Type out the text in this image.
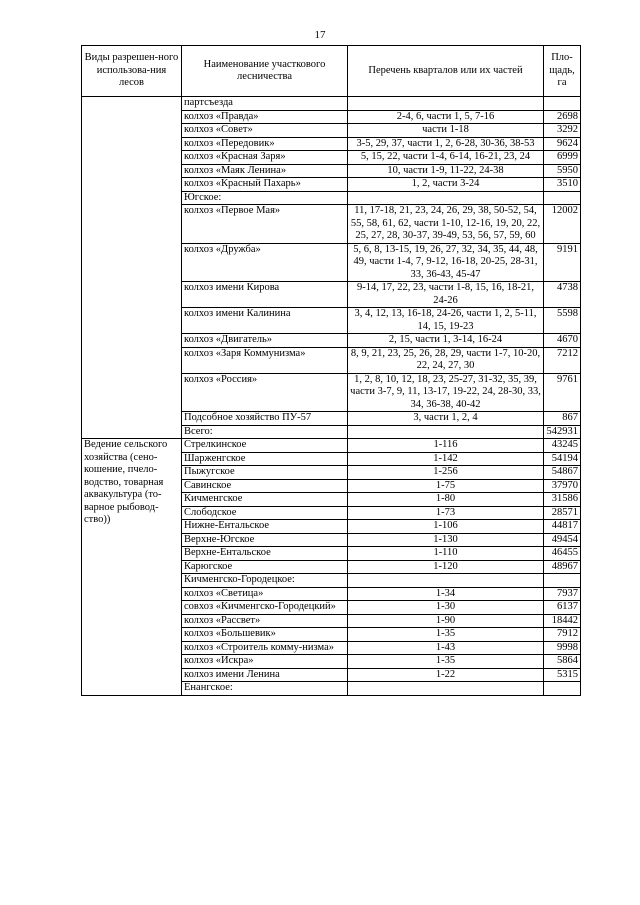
17
Виды разрешен-ного использова-ния лесов	Наименование участкового лесничества	Перечень кварталов или их частей	Пло-щадь, га
	партсъезда		
	колхоз «Правда»	2-4, 6, части 1, 5, 7-16	2698
	колхоз «Совет»	части 1-18	3292
	колхоз «Передовик»	3-5, 29, 37, части 1, 2, 6-28, 30-36, 38-53	9624
	колхоз «Красная Заря»	5, 15, 22, части 1-4, 6-14, 16-21, 23, 24	6999
	колхоз «Маяк Ленина»	10, части 1-9, 11-22, 24-38	5950
	колхоз «Красный Пахарь»	1, 2, части 3-24	3510
	Югское:		
	колхоз «Первое Мая»	11, 17-18, 21, 23, 24, 26, 29, 38, 50-52, 54, 55, 58, 61, 62, части 1-10, 12-16, 19, 20, 22, 25, 27, 28, 30-37, 39-49, 53, 56, 57, 59, 60	12002
	колхоз «Дружба»	5, 6, 8, 13-15, 19, 26, 27, 32, 34, 35, 44, 48, 49, части 1-4, 7, 9-12, 16-18, 20-25, 28-31, 33, 36-43, 45-47	9191
	колхоз имени Кирова	9-14, 17, 22, 23, части 1-8, 15, 16, 18-21, 24-26	4738
	колхоз имени Калинина	3, 4, 12, 13, 16-18, 24-26, части 1, 2, 5-11, 14, 15, 19-23	5598
	колхоз «Двигатель»	2, 15, части 1, 3-14, 16-24	4670
	колхоз «Заря Коммунизма»	8, 9, 21, 23, 25, 26, 28, 29, части 1-7, 10-20, 22, 24, 27, 30	7212
	колхоз «Россия»	1, 2, 8, 10, 12, 18, 23, 25-27, 31-32, 35, 39, части 3-7, 9, 11, 13-17, 19-22, 24, 28-30, 33, 34, 36-38, 40-42	9761
	Подсобное хозяйство ПУ-57	3, части 1, 2, 4	867
	Всего:		542931
Ведение сельского хозяйства (сено-кошение, пчело-водство, товарная аквакультура (то-варное рыбовод-ство))	Стрелкинское	1-116	43245
	Шарженгское	1-142	54194
	Пыжугское	1-256	54867
	Савинское	1-75	37970
	Кичменгское	1-80	31586
	Слободское	1-73	28571
	Нижне-Ентальское	1-106	44817
	Верхне-Югское	1-130	49454
	Верхне-Ентальское	1-110	46455
	Карюгское	1-120	48967
	Кичменгско-Городецкое:		
	колхоз «Светица»	1-34	7937
	совхоз «Кичменгско-Городецкий»	1-30	6137
	колхоз «Рассвет»	1-90	18442
	колхоз «Большевик»	1-35	7912
	колхоз «Строитель комму-низма»	1-43	9998
	колхоз «Искра»	1-35	5864
	колхоз имени Ленина	1-22	5315
	Енангское:		
